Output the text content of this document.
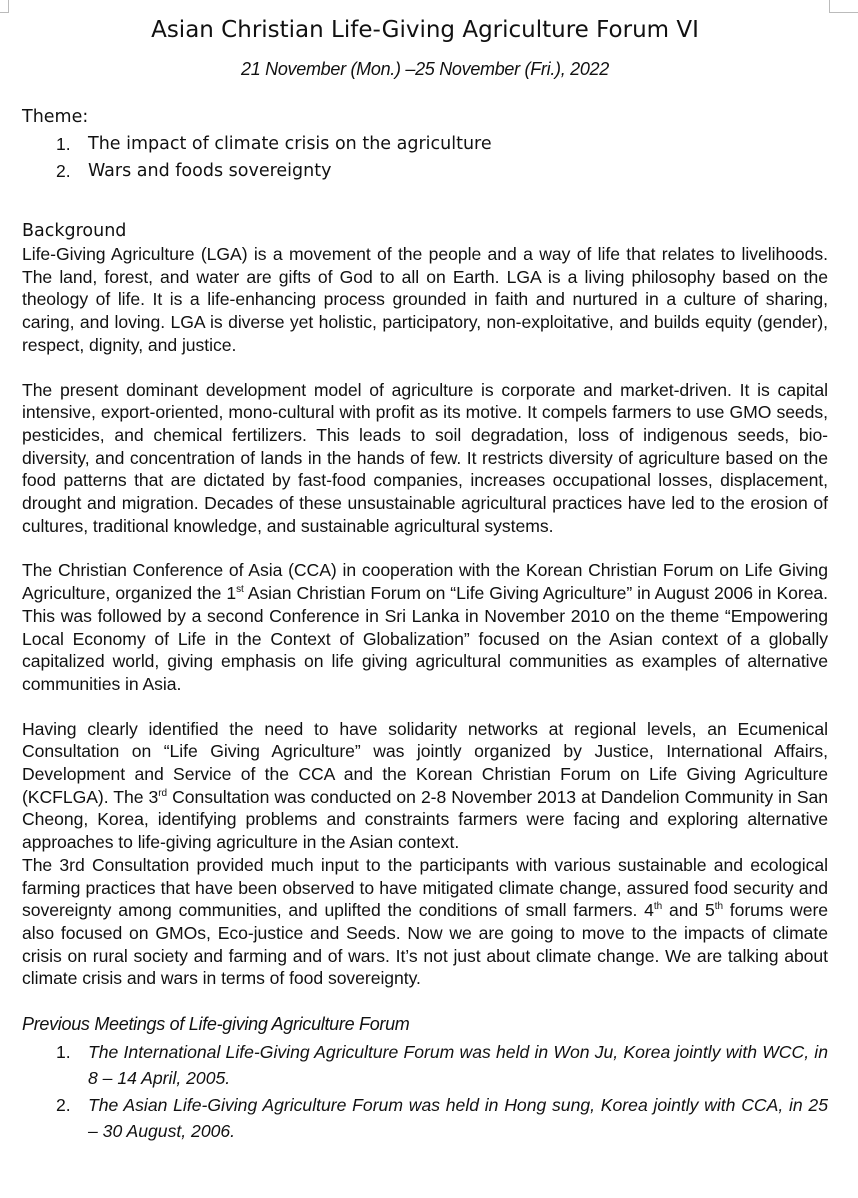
Asian Christian Life-Giving Agriculture Forum VI
21 November (Mon.) –25 November (Fri.), 2022
Theme:
1. The impact of climate crisis on the agriculture
2. Wars and foods sovereignty
Background

Life-Giving Agriculture (LGA) is a movement of the people and a way of life that relates to livelihoods. The land, forest, and water are gifts of God to all on Earth. LGA is a living philosophy based on the theology of life. It is a life-enhancing process grounded in faith and nurtured in a culture of sharing, caring, and loving. LGA is diverse yet holistic, participatory, non-exploitative, and builds equity (gender), respect, dignity, and justice.

The present dominant development model of agriculture is corporate and market-driven. It is capital intensive, export-oriented, mono-cultural with profit as its motive. It compels farmers to use GMO seeds, pesticides, and chemical fertilizers. This leads to soil degradation, loss of indigenous seeds, bio-diversity, and concentration of lands in the hands of few. It restricts diversity of agriculture based on the food patterns that are dictated by fast-food companies, increases occupational losses, displacement, drought and migration. Decades of these unsustainable agricultural practices have led to the erosion of cultures, traditional knowledge, and sustainable agricultural systems.

The Christian Conference of Asia (CCA) in cooperation with the Korean Christian Forum on Life Giving Agriculture, organized the 1st Asian Christian Forum on “Life Giving Agriculture” in August 2006 in Korea. This was followed by a second Conference in Sri Lanka in November 2010 on the theme “Empowering Local Economy of Life in the Context of Globalization” focused on the Asian context of a globally capitalized world, giving emphasis on life giving agricultural communities as examples of alternative communities in Asia.

Having clearly identified the need to have solidarity networks at regional levels, an Ecumenical Consultation on “Life Giving Agriculture” was jointly organized by Justice, International Affairs, Development and Service of the CCA and the Korean Christian Forum on Life Giving Agriculture (KCFLGA). The 3rd Consultation was conducted on 2-8 November 2013 at Dandelion Community in San Cheong, Korea, identifying problems and constraints farmers were facing and exploring alternative approaches to life-giving agriculture in the Asian context.

The 3rd Consultation provided much input to the participants with various sustainable and ecological farming practices that have been observed to have mitigated climate change, assured food security and sovereignty among communities, and uplifted the conditions of small farmers. 4th and 5th forums were also focused on GMOs, Eco-justice and Seeds. Now we are going to move to the impacts of climate crisis on rural society and farming and of wars. It’s not just about climate change. We are talking about climate crisis and wars in terms of food sovereignty.

Previous Meetings of Life-giving Agriculture Forum
1. The International Life-Giving Agriculture Forum was held in Won Ju, Korea jointly with WCC, in 8 – 14 April, 2005.
2. The Asian Life-Giving Agriculture Forum was held in Hong sung, Korea jointly with CCA, in 25 – 30 August, 2006.
